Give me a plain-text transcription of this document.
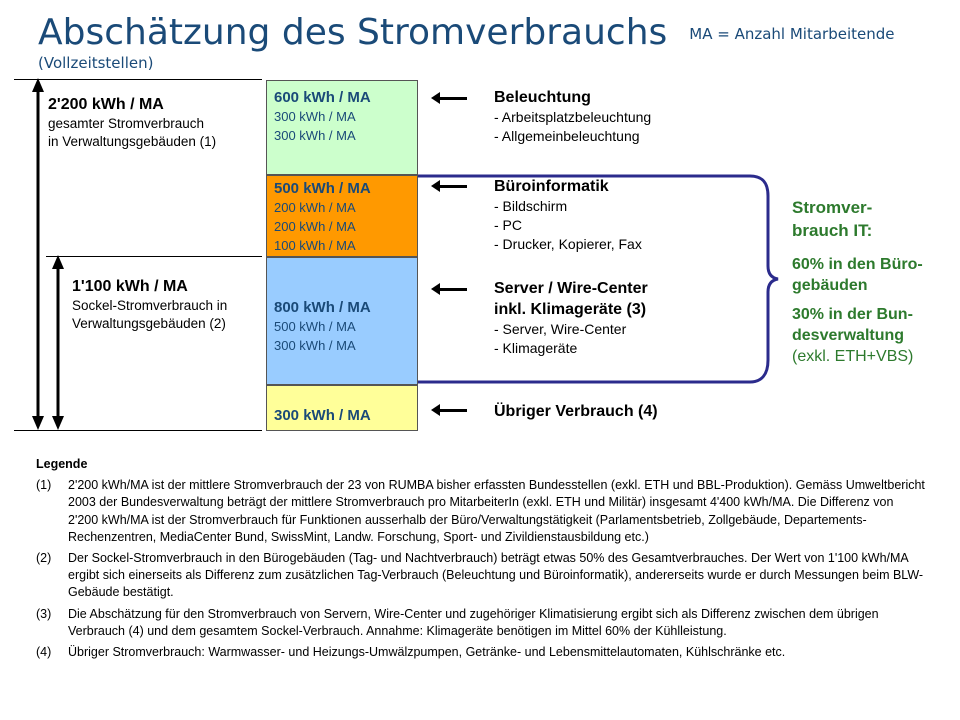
Abschätzung des Stromverbrauchs MA = Anzahl Mitarbeitende
(Vollzeitstellen)
2'200 kWh / MA
gesamter Stromverbrauch
in Verwaltungsgebäuden (1)
1'100 kWh / MA
Sockel-Stromverbrauch in
Verwaltungsgebäuden (2)
600 kWh / MA
300 kWh / MA
300 kWh / MA
500 kWh / MA
200 kWh / MA
200 kWh / MA
100 kWh / MA
800 kWh / MA
500 kWh / MA
300 kWh / MA
300 kWh / MA
Beleuchtung
- Arbeitsplatzbeleuchtung
- Allgemeinbeleuchtung
Büroinformatik
- Bildschirm
- PC
- Drucker, Kopierer, Fax
Server / Wire-Center
inkl. Klimageräte (3)
- Server, Wire-Center
- Klimageräte
Übriger Verbrauch (4)
Stromver-
brauch IT:
60% in den Büro-
gebäuden
30% in der Bun-
desverwaltung
(exkl. ETH+VBS)
Legende
(1)	2'200 kWh/MA ist der mittlere Stromverbrauch der 23 von RUMBA bisher erfassten Bundesstellen (exkl. ETH und BBL-Produktion). Gemäss Umweltbericht 2003 der Bundesverwaltung beträgt der mittlere Stromverbrauch pro MitarbeiterIn (exkl. ETH und Militär) insgesamt 4'400 kWh/MA. Die Differenz von 2'200 kWh/MA ist der Stromverbrauch für Funktionen ausserhalb der Büro/Verwaltungstätigkeit (Parlamentsbetrieb, Zollgebäude, Departements-Rechenzentren, MediaCenter Bund, SwissMint, Landw. Forschung, Sport- und Zivildienstausbildung etc.)
(2)	Der Sockel-Stromverbrauch in den Bürogebäuden (Tag- und Nachtverbrauch) beträgt etwas 50% des Gesamtverbrauches. Der Wert von 1'100 kWh/MA ergibt sich einerseits als Differenz zum zusätzlichen Tag-Verbrauch (Beleuchtung und Büroinformatik), andererseits wurde er durch Messungen beim BLW-Gebäude bestätigt.
(3)	Die Abschätzung für den Stromverbrauch von Servern, Wire-Center und zugehöriger Klimatisierung ergibt sich als Differenz zwischen dem übrigen Verbrauch (4) und dem gesamtem Sockel-Verbrauch. Annahme: Klimageräte benötigen im Mittel 60% der Kühlleistung.
(4)	Übriger Stromverbrauch: Warmwasser- und Heizungs-Umwälzpumpen, Getränke- und Lebensmittelautomaten, Kühlschränke etc.
